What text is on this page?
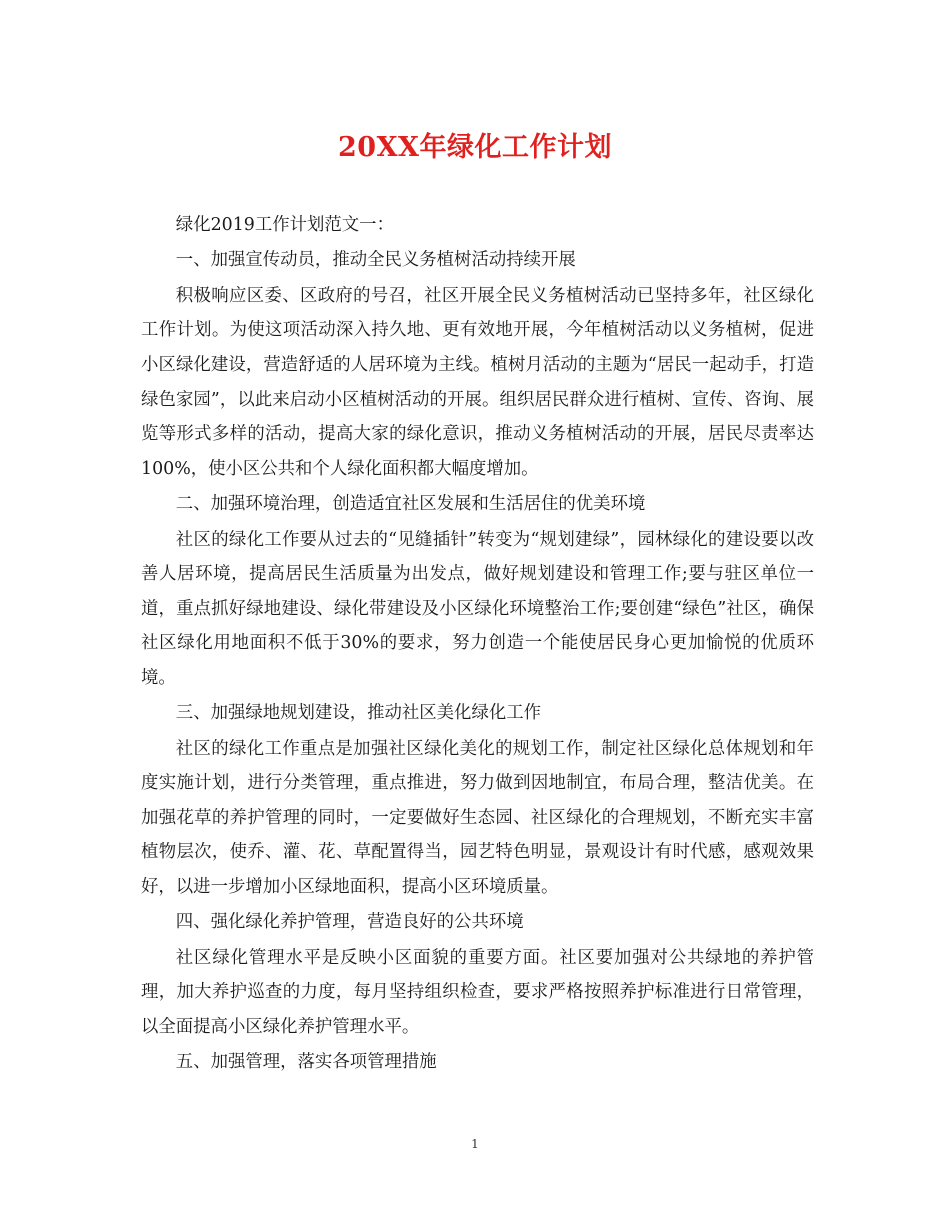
20XX年绿化工作计划

绿化2019工作计划范文一：

一、加强宣传动员，推动全民义务植树活动持续开展

积极响应区委、区政府的号召，社区开展全民义务植树活动已坚持多年，社区绿化工作计划。为使这项活动深入持久地、更有效地开展，今年植树活动以义务植树，促进小区绿化建设，营造舒适的人居环境为主线。植树月活动的主题为“居民一起动手，打造绿色家园”，以此来启动小区植树活动的开展。组织居民群众进行植树、宣传、咨询、展览等形式多样的活动，提高大家的绿化意识，推动义务植树活动的开展，居民尽责率达100%，使小区公共和个人绿化面积都大幅度增加。

二、加强环境治理，创造适宜社区发展和生活居住的优美环境

社区的绿化工作要从过去的“见缝插针”转变为“规划建绿”，园林绿化的建设要以改善人居环境，提高居民生活质量为出发点，做好规划建设和管理工作;要与驻区单位一道，重点抓好绿地建设、绿化带建设及小区绿化环境整治工作;要创建“绿色”社区，确保社区绿化用地面积不低于30%的要求，努力创造一个能使居民身心更加愉悦的优质环境。

三、加强绿地规划建设，推动社区美化绿化工作

社区的绿化工作重点是加强社区绿化美化的规划工作，制定社区绿化总体规划和年度实施计划，进行分类管理，重点推进，努力做到因地制宜，布局合理，整洁优美。在加强花草的养护管理的同时，一定要做好生态园、社区绿化的合理规划，不断充实丰富植物层次，使乔、灌、花、草配置得当，园艺特色明显，景观设计有时代感，感观效果好，以进一步增加小区绿地面积，提高小区环境质量。

四、强化绿化养护管理，营造良好的公共环境

社区绿化管理水平是反映小区面貌的重要方面。社区要加强对公共绿地的养护管理，加大养护巡查的力度，每月坚持组织检查，要求严格按照养护标准进行日常管理，以全面提高小区绿化养护管理水平。

五、加强管理，落实各项管理措施

1
